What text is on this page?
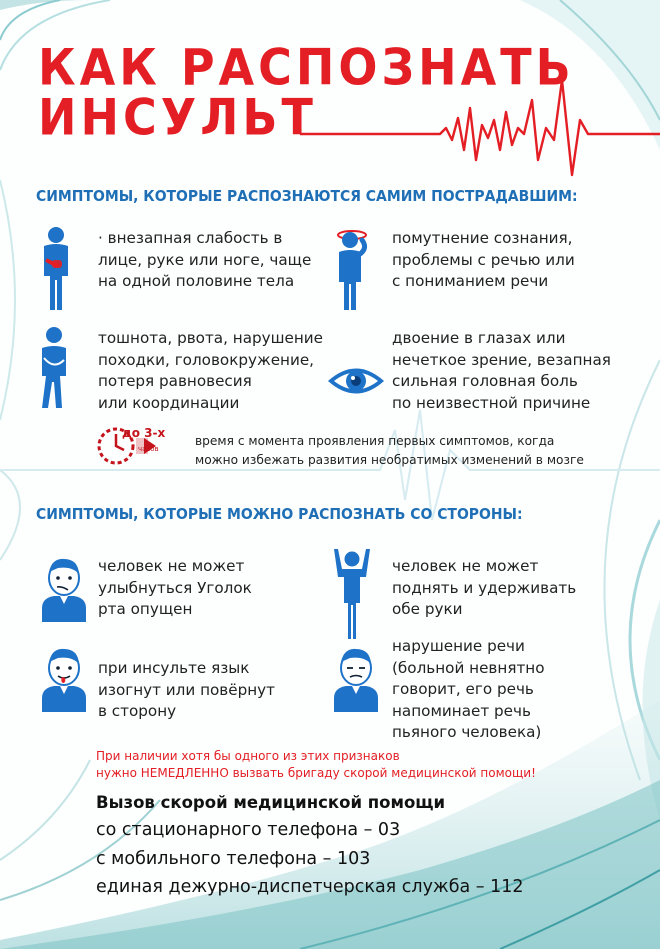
КАК РАСПОЗНАТЬ
ИНСУЛЬТ
СИМПТОМЫ, КОТОРЫЕ РАСПОЗНАЮТСЯ САМИМ ПОСТРАДАВШИМ:
· внезапная слабость в
лице, руке или ноге, чаще
на одной половине тела
помутнение сознания,
проблемы с речью или
с пониманием речи
тошнота, рвота, нарушение
походки, головокружение,
потеря равновесия
или координации
двоение в глазах или
нечеткое зрение, везапная
сильная головная боль
по неизвестной причине
до 3-х
часов
время с момента проявления первых симптомов, когда
можно избежать развития необратимых изменений в мозге
СИМПТОМЫ, КОТОРЫЕ МОЖНО РАСПОЗНАТЬ СО СТОРОНЫ:
человек не может
улыбнуться Уголок
рта опущен
человек не может
поднять и удерживать
обе руки
при инсульте язык
изогнут или повёрнут
в сторону
нарушение речи
(больной невнятно
говорит, его речь
напоминает речь
пьяного человека)
При наличии хотя бы одного из этих признаков
нужно НЕМЕДЛЕННО вызвать бригаду скорой медицинской помощи!
Вызов скорой медицинской помощи
со стационарного телефона – 03
с мобильного телефона – 103
единая дежурно-диспетчерская служба – 112
